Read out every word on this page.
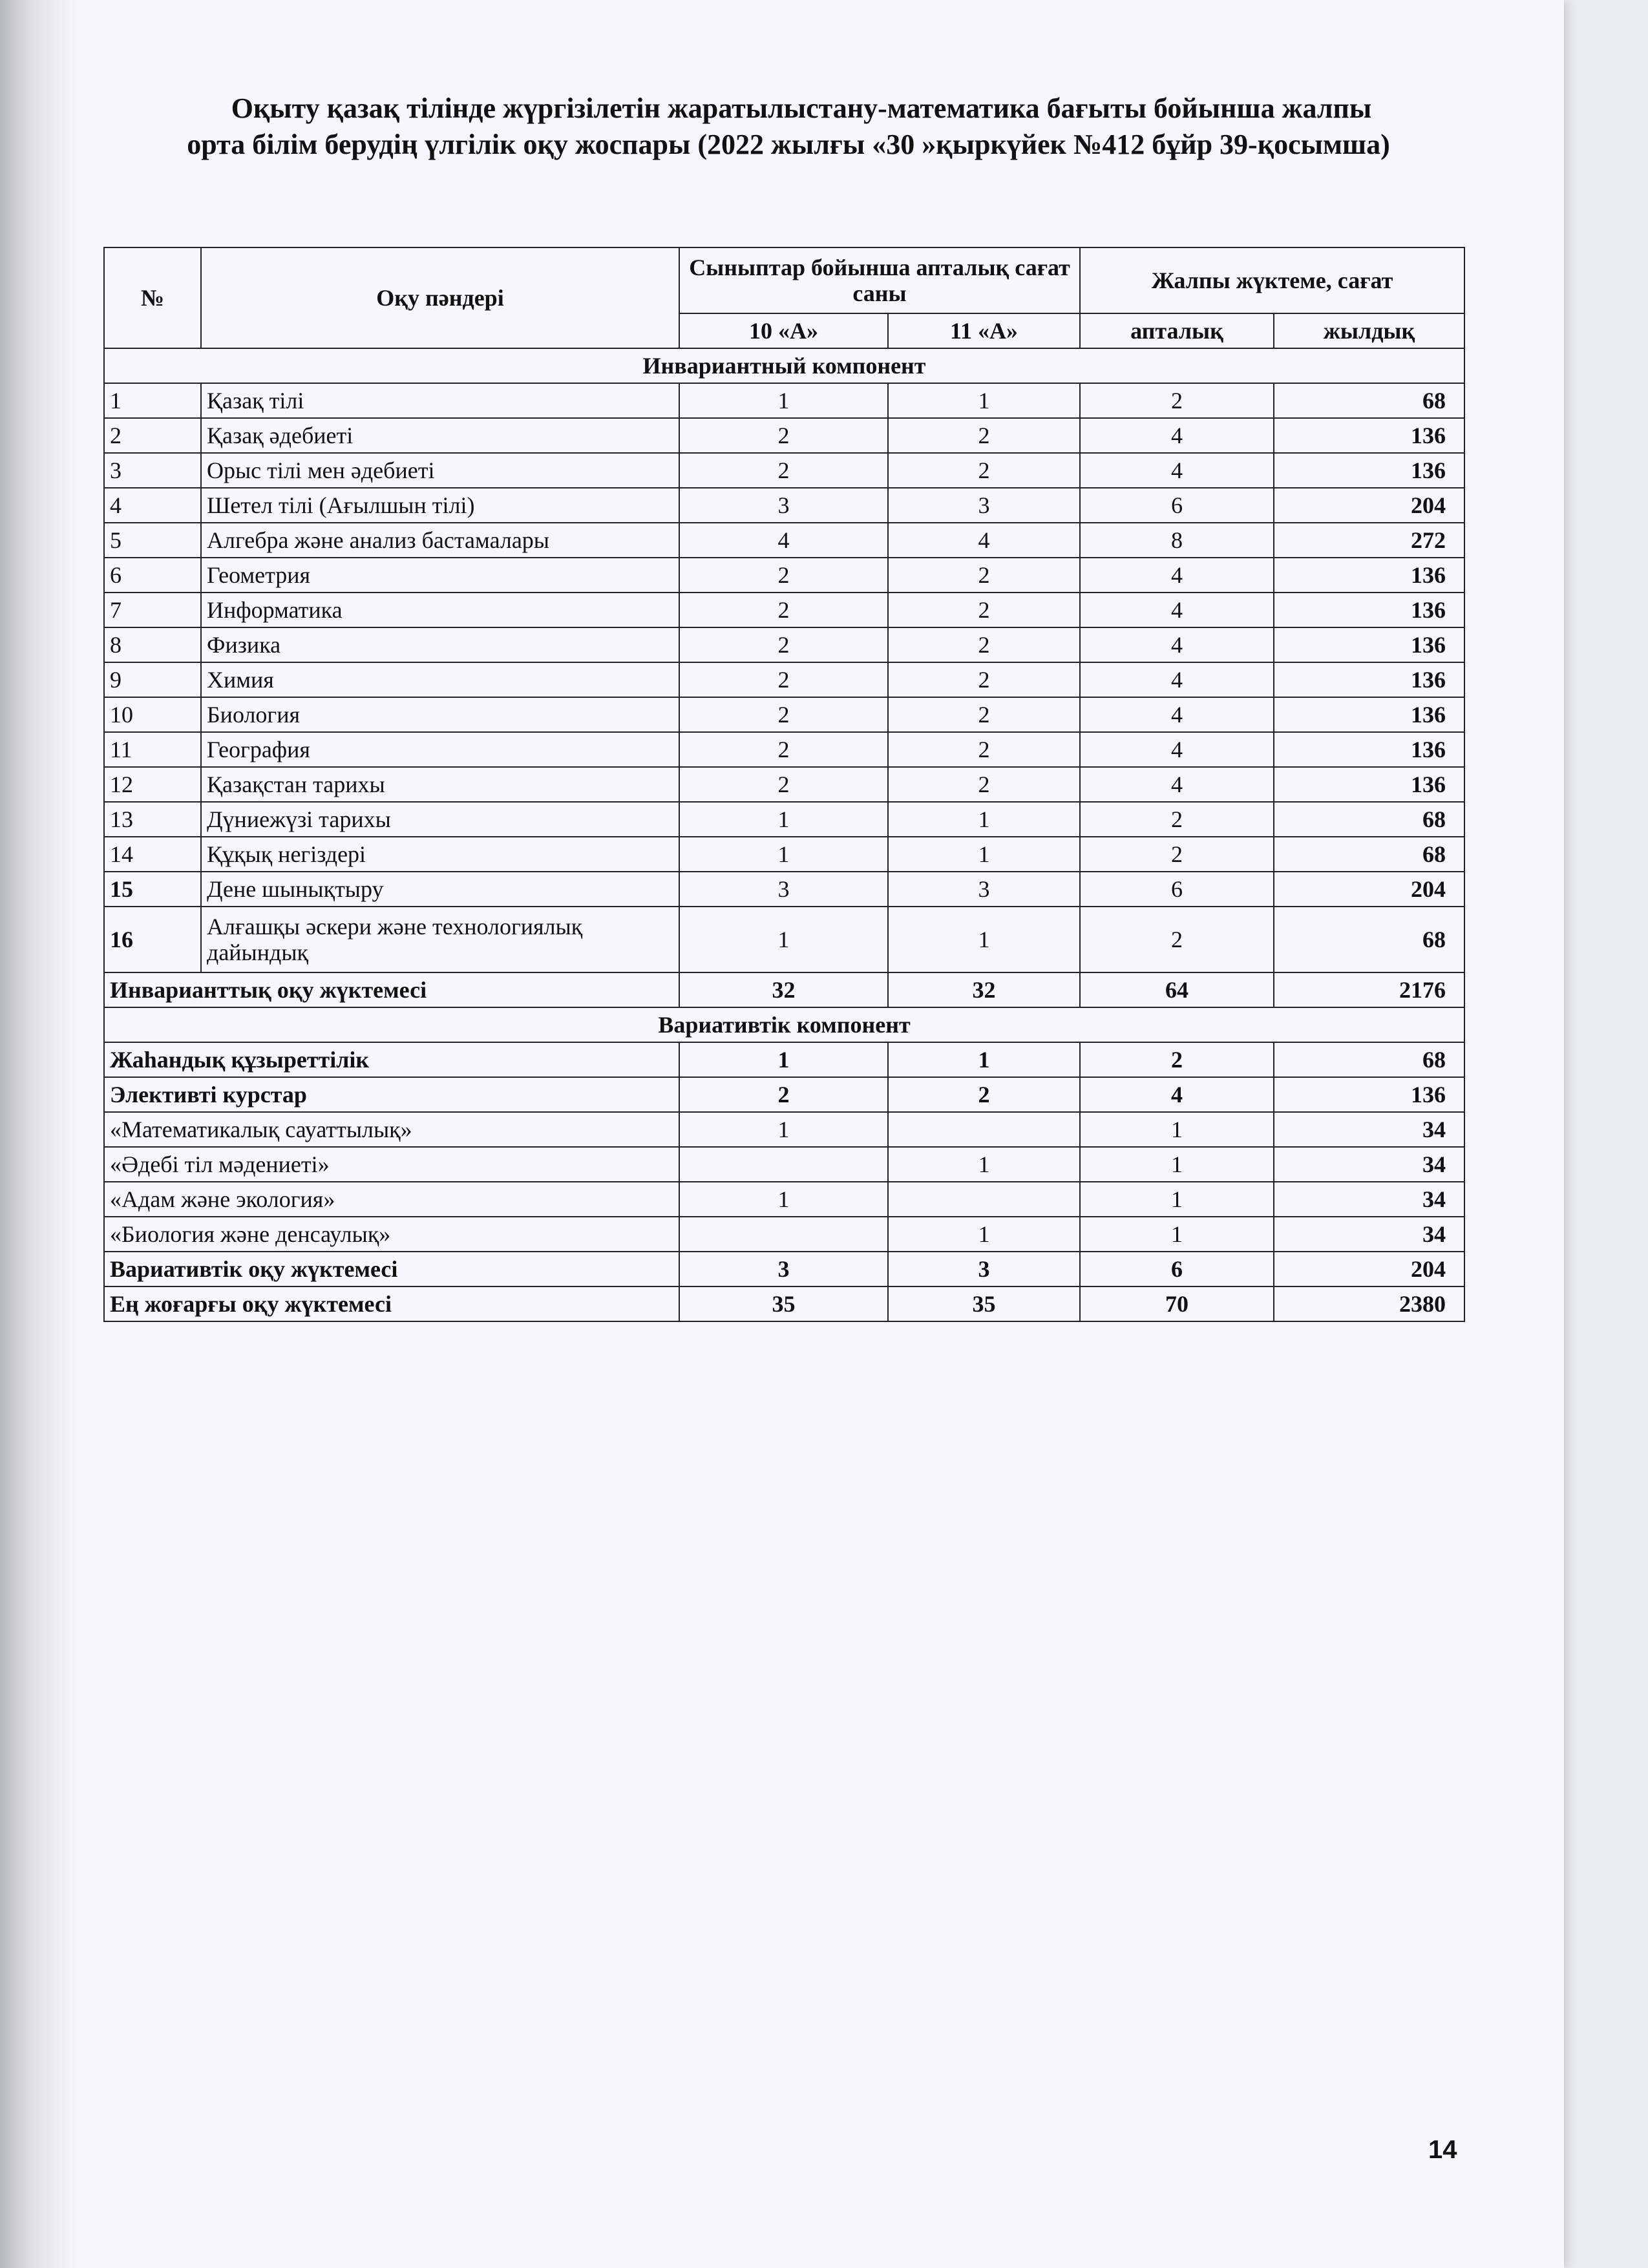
Оқыту қазақ тілінде жүргізілетін жаратылыстану-математика бағыты бойынша жалпы
орта білім берудің үлгілік оқу жоспары (2022 жылғы «30 »қыркүйек №412 бұйр 39-қосымша)
№	Оқу пәндері	Сыныптар бойынша апталық сағат саны		Жалпы жүктеме, сағат	
		10 «А»	11 «А»	апталық	жылдық
Инвариантный компонент					
1	Қазақ тілі	1	1	2	68
2	Қазақ әдебиеті	2	2	4	136
3	Орыс тілі мен әдебиеті	2	2	4	136
4	Шетел тілі (Ағылшын тілі)	3	3	6	204
5	Алгебра және анализ бастамалары	4	4	8	272
6	Геометрия	2	2	4	136
7	Информатика	2	2	4	136
8	Физика	2	2	4	136
9	Химия	2	2	4	136
10	Биология	2	2	4	136
11	География	2	2	4	136
12	Қазақстан тарихы	2	2	4	136
13	Дүниежүзі тарихы	1	1	2	68
14	Құқық негіздері	1	1	2	68
15	Дене шынықтыру	3	3	6	204
16	Алғашқы әскери және технологиялық дайындық	1	1	2	68
Инварианттық оқу жүктемесі		32	32	64	2176
Вариативтік компонент					
Жаһандық құзыреттілік		1	1	2	68
Элективті курстар		2	2	4	136
«Математикалық сауаттылық»		1		1	34
«Әдебі тіл мәдениеті»			1	1	34
«Адам және экология»		1		1	34
«Биология және денсаулық»			1	1	34
Вариативтік оқу жүктемесі		3	3	6	204
Ең жоғарғы оқу жүктемесі		35	35	70	2380
14
